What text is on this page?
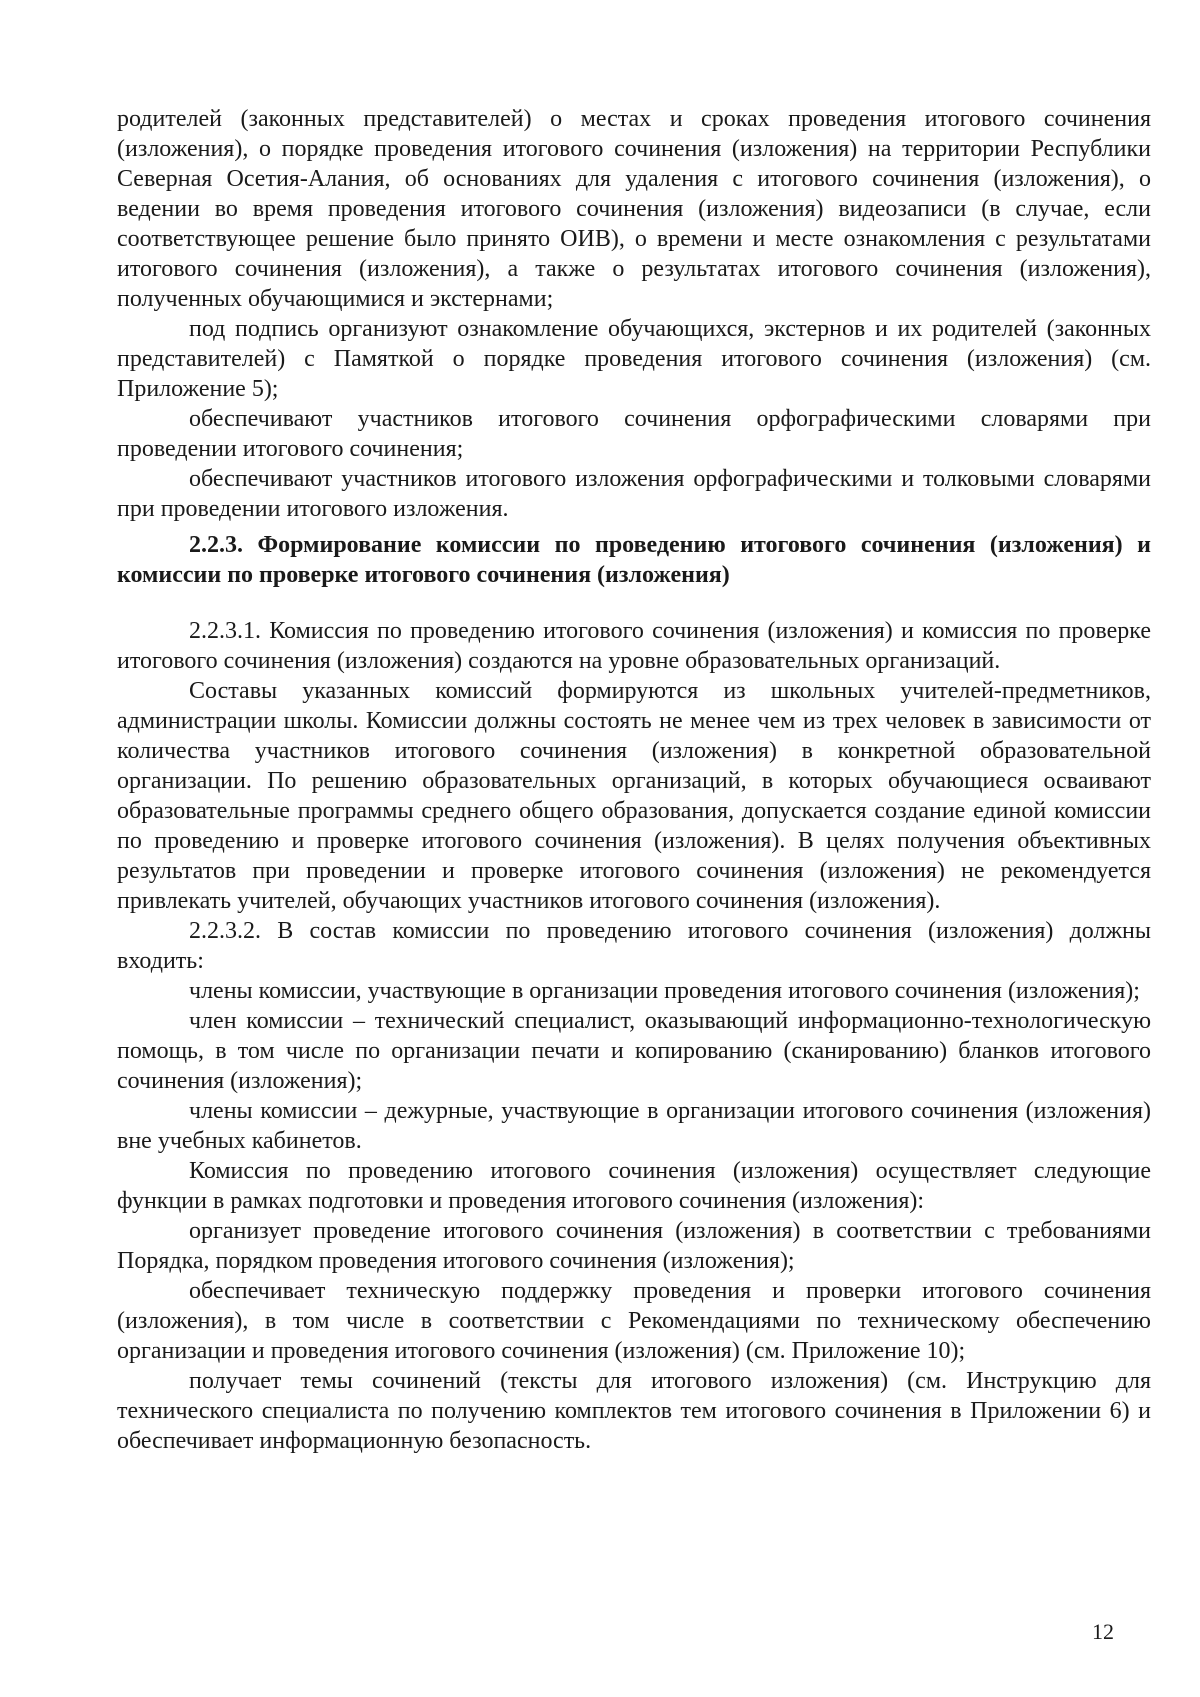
родителей (законных представителей) о местах и сроках проведения итогового сочинения (изложения), о порядке проведения итогового сочинения (изложения) на территории Республики Северная Осетия-Алания, об основаниях для удаления с итогового сочинения (изложения), о ведении во время проведения итогового сочинения (изложения) видеозаписи (в случае, если соответствующее решение было принято ОИВ), о времени и месте ознакомления с результатами итогового сочинения (изложения), а также о результатах итогового сочинения (изложения), полученных обучающимися и экстернами;

под подпись организуют ознакомление обучающихся, экстернов и их родителей (законных представителей) с Памяткой о порядке проведения итогового сочинения (изложения) (см. Приложение 5);

обеспечивают участников итогового сочинения орфографическими словарями при проведении итогового сочинения;

обеспечивают участников итогового изложения орфографическими и толковыми словарями при проведении итогового изложения.

2.2.3. Формирование комиссии по проведению итогового сочинения (изложения) и комиссии по проверке итогового сочинения (изложения)

2.2.3.1. Комиссия по проведению итогового сочинения (изложения) и комиссия по проверке итогового сочинения (изложения) создаются на уровне образовательных организаций.

Составы указанных комиссий формируются из школьных учителей-предметников, администрации школы. Комиссии должны состоять не менее чем из трех человек в зависимости от количества участников итогового сочинения (изложения) в конкретной образовательной организации. По решению образовательных организаций, в которых обучающиеся осваивают образовательные программы среднего общего образования, допускается создание единой комиссии по проведению и проверке итогового сочинения (изложения). В целях получения объективных результатов при проведении и проверке итогового сочинения (изложения) не рекомендуется привлекать учителей, обучающих участников итогового сочинения (изложения).

2.2.3.2. В состав комиссии по проведению итогового сочинения (изложения) должны входить:

члены комиссии, участвующие в организации проведения итогового сочинения (изложения);

член комиссии – технический специалист, оказывающий информационно-технологическую помощь, в том числе по организации печати и копированию (сканированию) бланков итогового сочинения (изложения);

члены комиссии – дежурные, участвующие в организации итогового сочинения (изложения) вне учебных кабинетов.

Комиссия по проведению итогового сочинения (изложения) осуществляет следующие функции в рамках подготовки и проведения итогового сочинения (изложения):

организует проведение итогового сочинения (изложения) в соответствии с требованиями Порядка, порядком проведения итогового сочинения (изложения);

обеспечивает техническую поддержку проведения и проверки итогового сочинения (изложения), в том числе в соответствии с Рекомендациями по техническому обеспечению организации и проведения итогового сочинения (изложения) (см. Приложение 10);

получает темы сочинений (тексты для итогового изложения) (см. Инструкцию для технического специалиста по получению комплектов тем итогового сочинения в Приложении 6) и обеспечивает информационную безопасность.

12
